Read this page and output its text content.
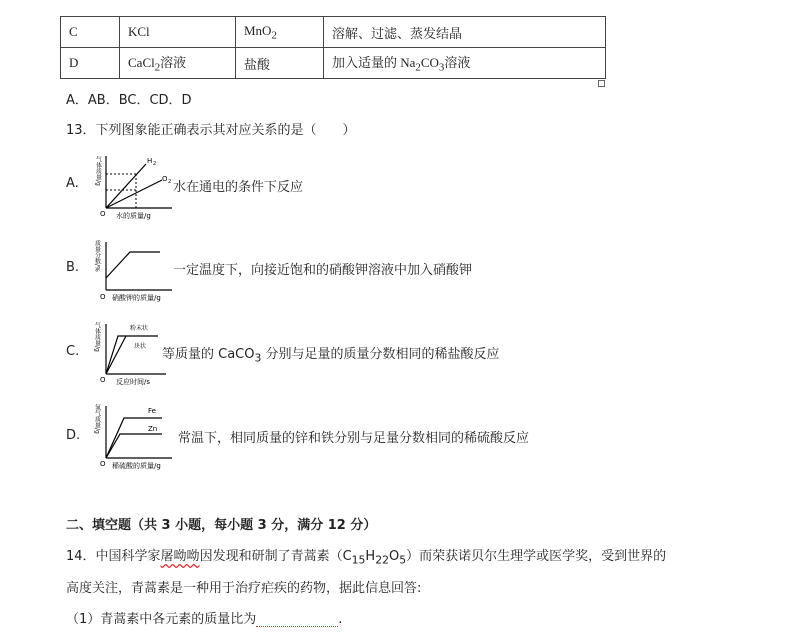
C	KCl	MnO$_2$	溶解、过滤、蒸发结晶
D	CaCl$_2$溶液	盐酸	加入适量的 $Na_2CO_3$溶液
A．AB．BC．CD．D
13．下列图象能正确表示其对应关系的是（　　）
A.
H 2
O 2
O 水的质量/g
气体质量/g
水在通电的条件下反应
B.
O 硝酸钾的质量/g
质量分数/%	一定温度下，向接近饱和的硝酸钾溶液中加入硝酸钾
C.
粉末状
块状
O 反应时间/s
气体质量/g
等质量的 CaCO$_3$ 分别与足量的质量分数相同的稀盐酸反应
D.
Fe
Zn
O 稀硫酸的质量/g
氢气质量/g
常温下，相同质量的锌和铁分别与足量分数相同的稀硫酸反应
二、填空题（共 3 小题，每小题 3 分，满分 12 分）
14．中国科学家屠呦呦因发现和研制了青蒿素$(C_{15}H_{22}O_5)$而荣获诺贝尔生理学或医学奖，受到世界的
高度关注，青蒿素是一种用于治疗疟疾的药物，据此信息回答:
（1）青蒿素中各元素的质量比为	.
